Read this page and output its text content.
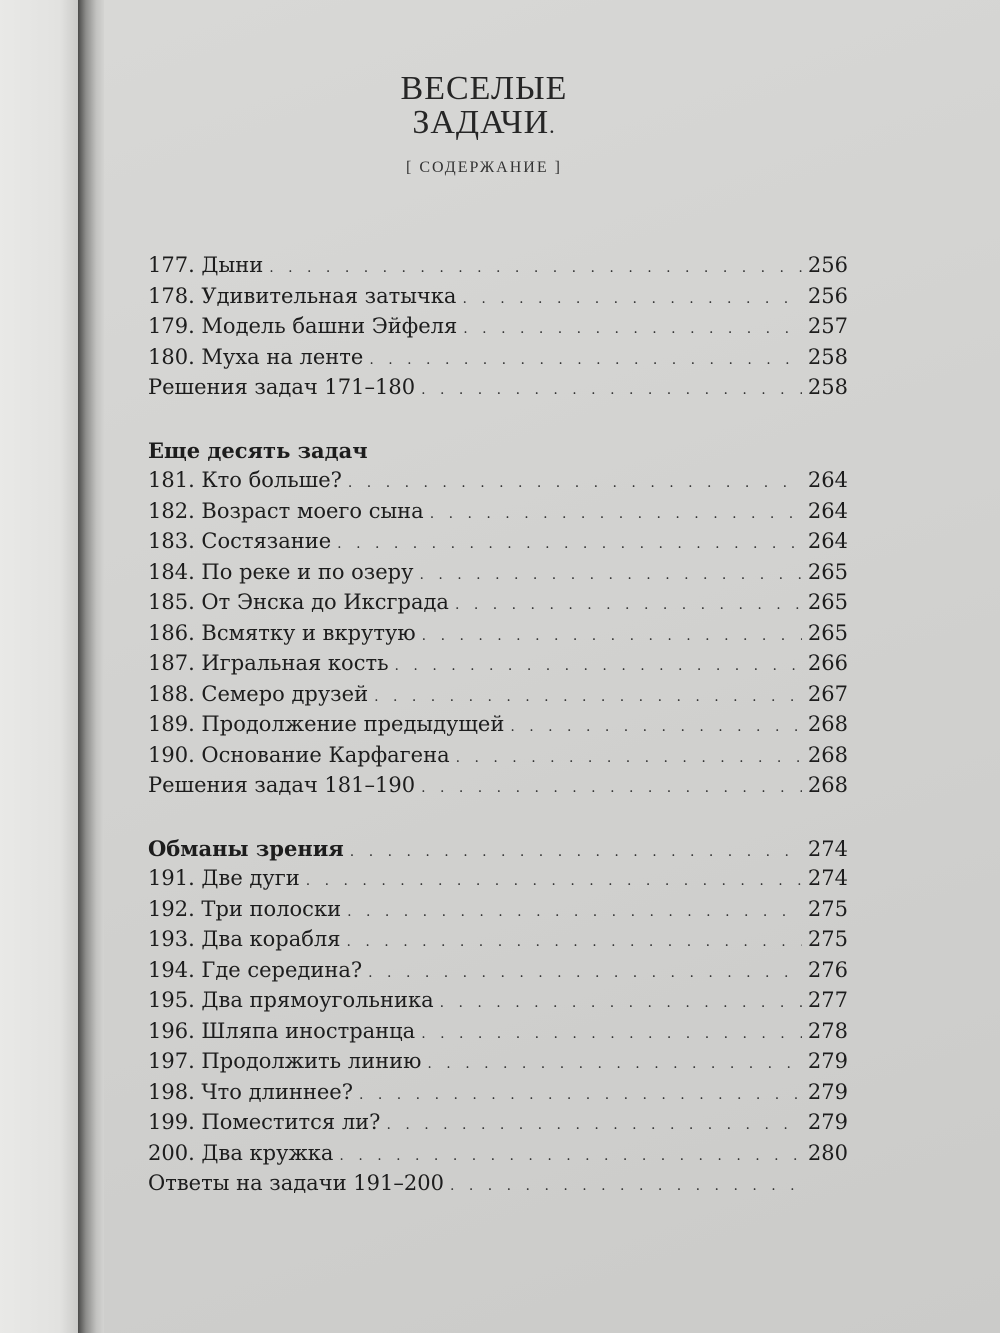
ВЕСЕЛЫЕ
ЗАДАЧИ.

[ СОДЕРЖАНИЕ ]
177. Дыни . . .	256
178. Удивительная затычка . . .	256
179. Модель башни Эйфеля . . .	257
180. Муха на ленте . . .	258
Решения задач 171–180 . . .	258
Еще десять задач
181. Кто больше? . . .	264
182. Возраст моего сына . . .	264
183. Состязание . . .	264
184. По реке и по озеру . . .	265
185. От Энска до Иксграда . . .	265
186. Всмятку и вкрутую . . .	265
187. Игральная кость . . .	266
188. Семеро друзей . . .	267
189. Продолжение предыдущей . . .	268
190. Основание Карфагена . . .	268
Решения задач 181–190 . . .	268
Обманы зрения . . .	274
191. Две дуги . . .	274
192. Три полоски . . .	275
193. Два корабля . . .	275
194. Где середина? . . .	276
195. Два прямоугольника . . .	277
196. Шляпа иностранца . . .	278
197. Продолжить линию . . .	279
198. Что длиннее? . . .	279
199. Поместится ли? . . .	279
200. Два кружка . . .	280
Ответы на задачи 191–200
. . .
